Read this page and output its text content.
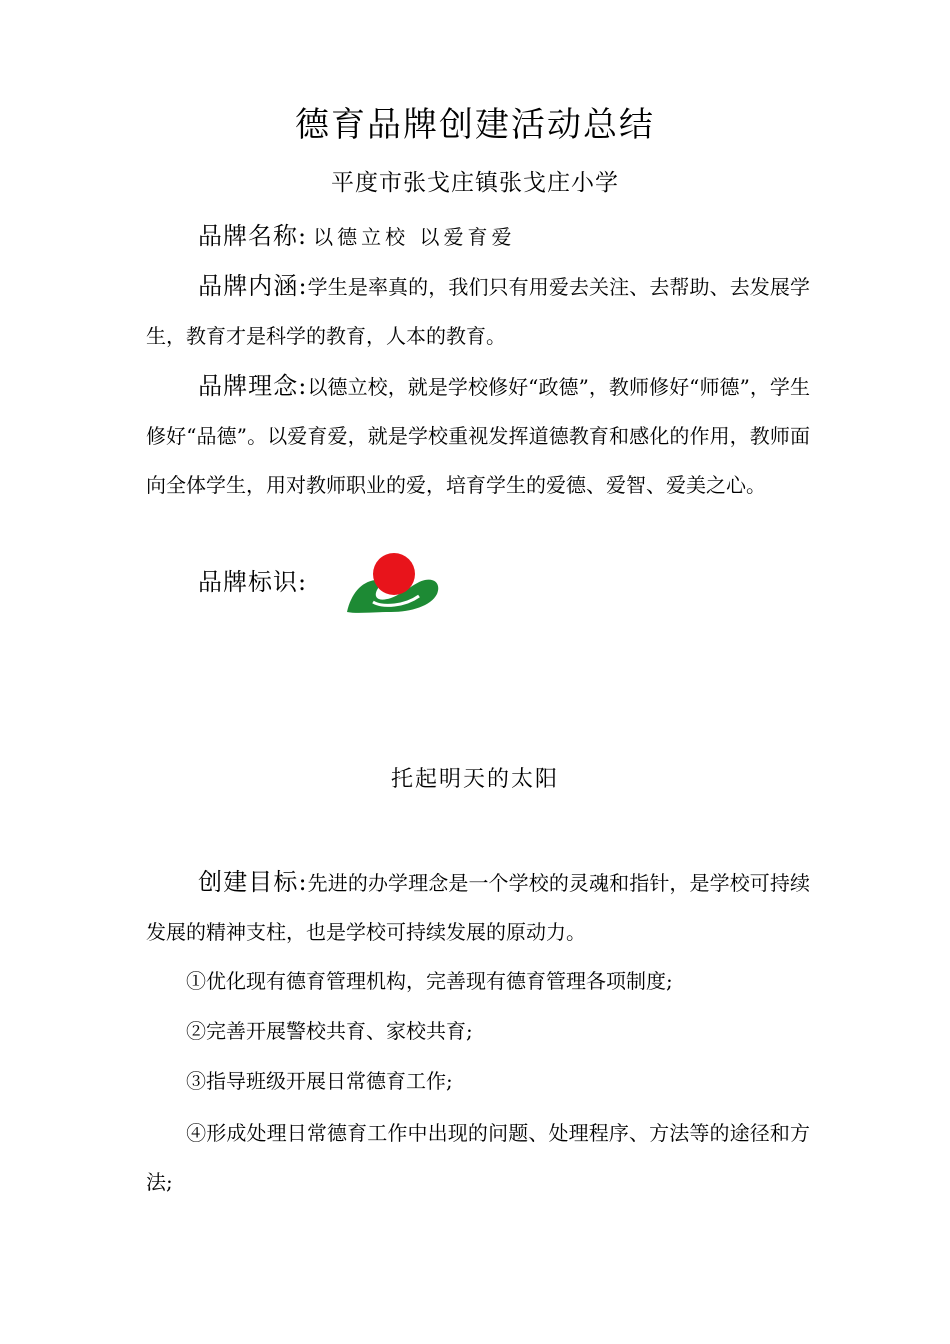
德育品牌创建活动总结
平度市张戈庄镇张戈庄小学
品牌名称: 以德立校 以爱育爱
品牌内涵:学生是率真的，我们只有用爱去关注、去帮助、去发展学生，教育才是科学的教育，人本的教育。
品牌理念:以德立校，就是学校修好“政德”，教师修好“师德”，学生修好“品德”。以爱育爱，就是学校重视发挥道德教育和感化的作用，教师面向全体学生，用对教师职业的爱，培育学生的爱德、爱智、爱美之心。
品牌标识:
托起明天的太阳
创建目标:先进的办学理念是一个学校的灵魂和指针，是学校可持续发展的精神支柱，也是学校可持续发展的原动力。
①优化现有德育管理机构，完善现有德育管理各项制度;
②完善开展警校共育、家校共育;
③指导班级开展日常德育工作;
④形成处理日常德育工作中出现的问题、处理程序、方法等的途径和方法;
